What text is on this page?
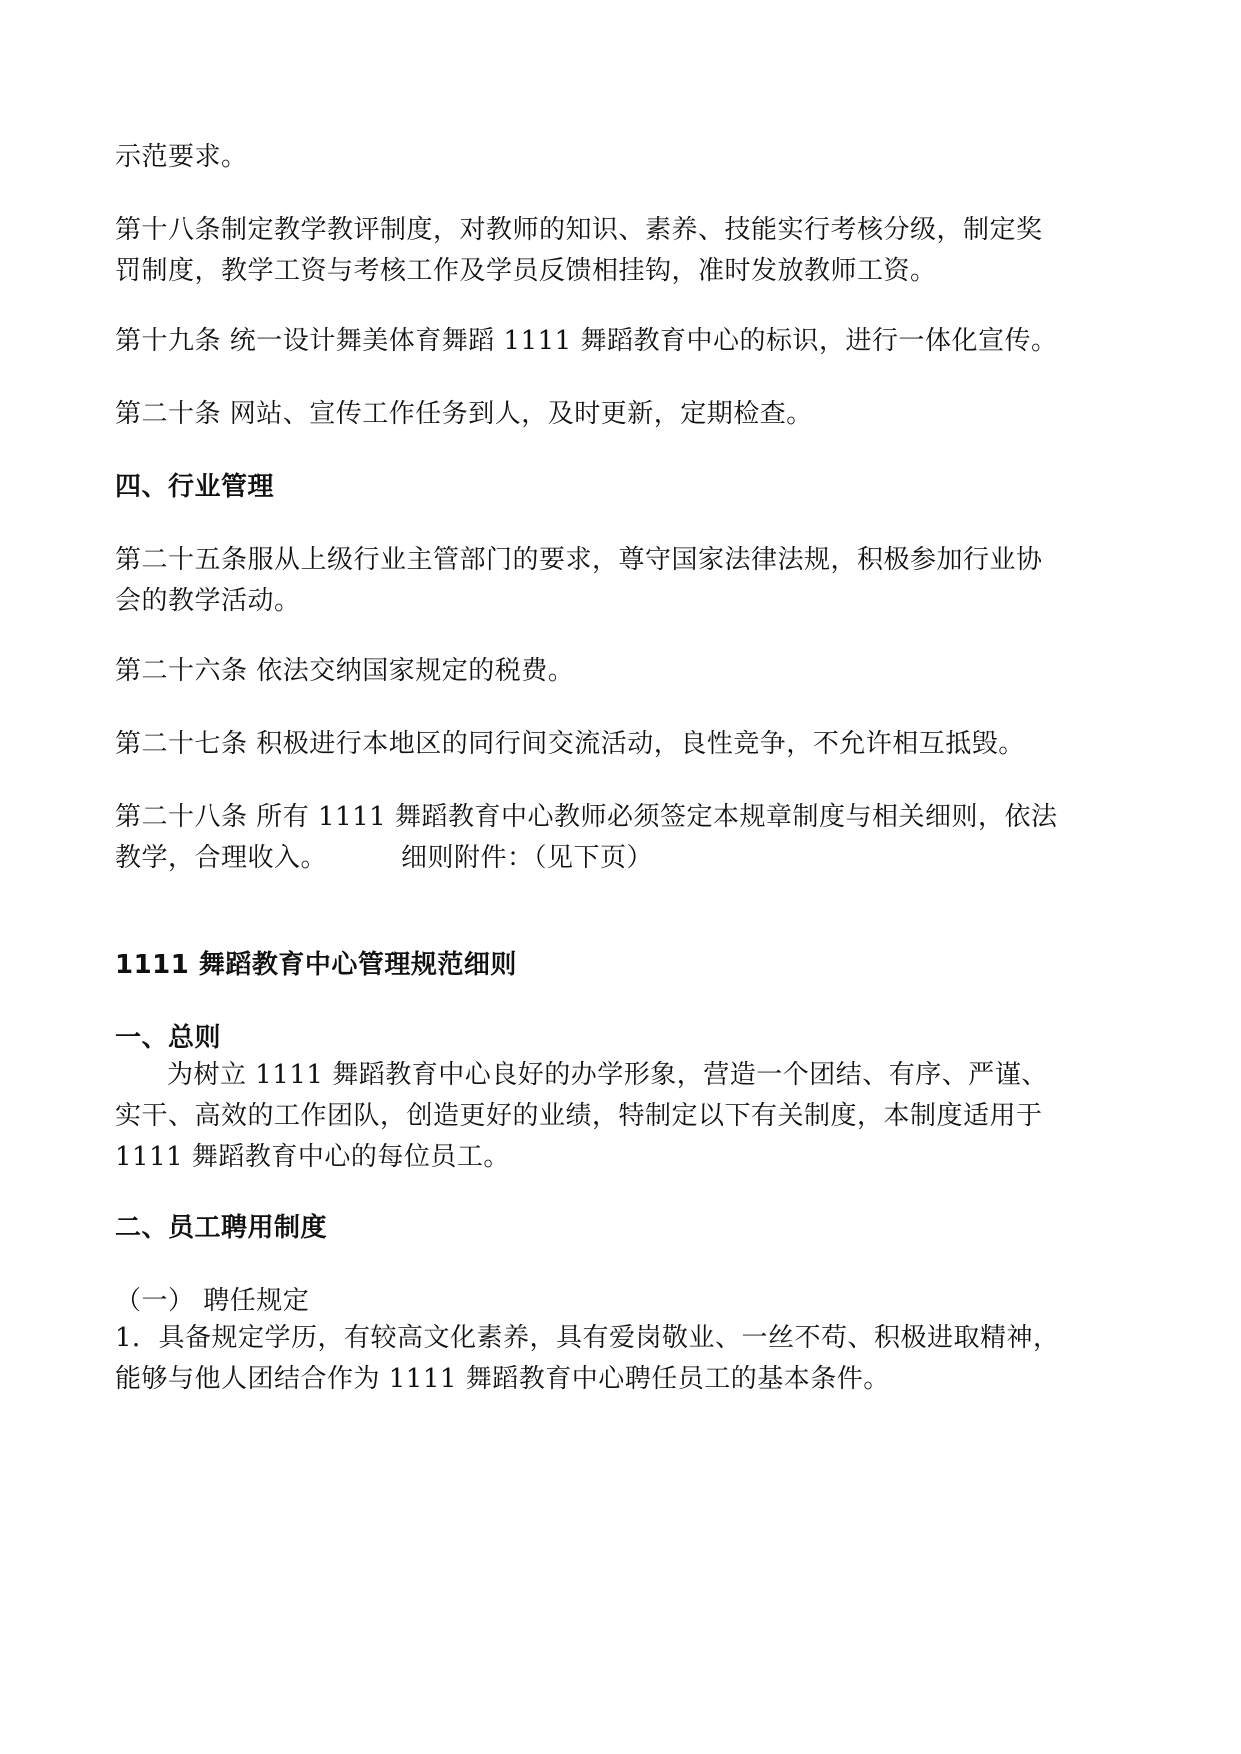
示范要求。

第十八条制定教学教评制度，对教师的知识、素养、技能实行考核分级，制定奖
罚制度，教学工资与考核工作及学员反馈相挂钩，准时发放教师工资。

第十九条 统一设计舞美体育舞蹈 1111 舞蹈教育中心的标识，进行一体化宣传。

第二十条 网站、宣传工作任务到人，及时更新，定期检查。

四、行业管理

第二十五条服从上级行业主管部门的要求，尊守国家法律法规，积极参加行业协
会的教学活动。

第二十六条 依法交纳国家规定的税费。

第二十七条 积极进行本地区的同行间交流活动，良性竞争，不允许相互抵毁。

第二十八条 所有 1111 舞蹈教育中心教师必须签定本规章制度与相关细则，依法
教学，合理收入。	细则附件：（见下页）

1111 舞蹈教育中心管理规范细则

一、总则

为树立 1111 舞蹈教育中心良好的办学形象，营造一个团结、有序、严谨、
实干、高效的工作团队，创造更好的业绩，特制定以下有关制度，本制度适用于
1111 舞蹈教育中心的每位员工。

二、员工聘用制度

（一） 聘任规定

1．具备规定学历，有较高文化素养，具有爱岗敬业、一丝不苟、积极进取精神，
能够与他人团结合作为 1111 舞蹈教育中心聘任员工的基本条件。
